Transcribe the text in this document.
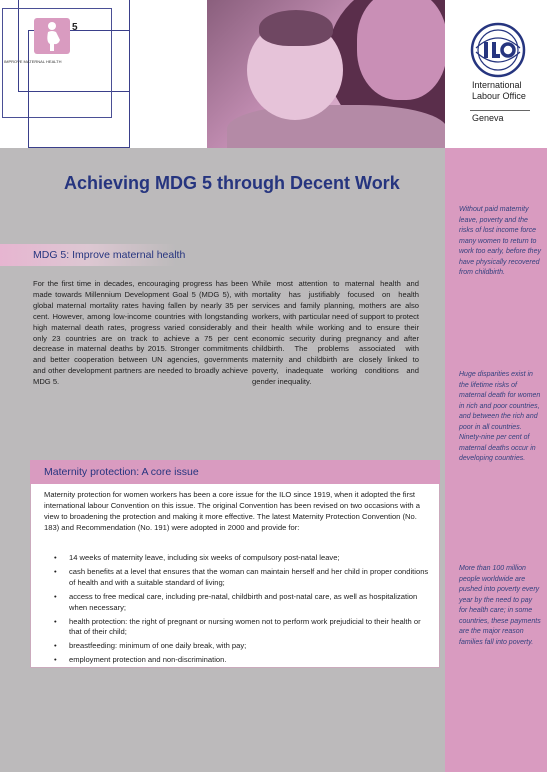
5
IMPROVE MATERNAL HEALTH
International Labour Office
Geneva
Without paid maternity leave, poverty and the risks of lost income force many women to return to work too early, before they have physically recovered from childbirth.
Huge disparities exist in the lifetime risks of maternal death for women in rich and poor countries, and between the rich and poor in all countries. Ninety-nine per cent of maternal deaths occur in developing countries.
More than 100 million people worldwide are pushed into poverty every year by the need to pay for health care; in some countries, these payments are the major reason families fall into poverty.
Achieving MDG 5 through Decent Work
MDG 5: Improve maternal health
For the first time in decades, encouraging progress has been made towards Millennium Development Goal 5 (MDG 5), with global maternal mortality rates having fallen by nearly 35 per cent. However, among low-income countries with longstanding high maternal death rates, progress varied considerably and only 23 countries are on track to achieve a 75 per cent decrease in maternal deaths by 2015. Stronger commitments and better cooperation between UN agencies, governments and other development partners are needed to broadly achieve MDG 5.
While most attention to maternal health and mortality has justifiably focused on health services and family planning, mothers are also workers, with particular need of support to protect their health while working and to ensure their economic security during pregnancy and after childbirth. The problems associated with maternity and childbirth are closely linked to poverty, inadequate working conditions and gender inequality.
Maternity protection: A core issue
Maternity protection for women workers has been a core issue for the ILO since 1919, when it adopted the first international labour Convention on this issue. The original Convention has been revised on two occasions with a view to broadening the protection and making it more effective. The latest Maternity Protection Convention (No. 183) and Recommendation (No. 191) were adopted in 2000 and provide for:
• 14 weeks of maternity leave, including six weeks of compulsory post-natal leave;
• cash benefits at a level that ensures that the woman can maintain herself and her child in proper conditions of health and with a suitable standard of living;
• access to free medical care, including pre-natal, childbirth and post-natal care, as well as hospitalization when necessary;
• health protection: the right of pregnant or nursing women not to perform work prejudicial to their health or that of their child;
• breastfeeding: minimum of one daily break, with pay;
• employment protection and non-discrimination.
